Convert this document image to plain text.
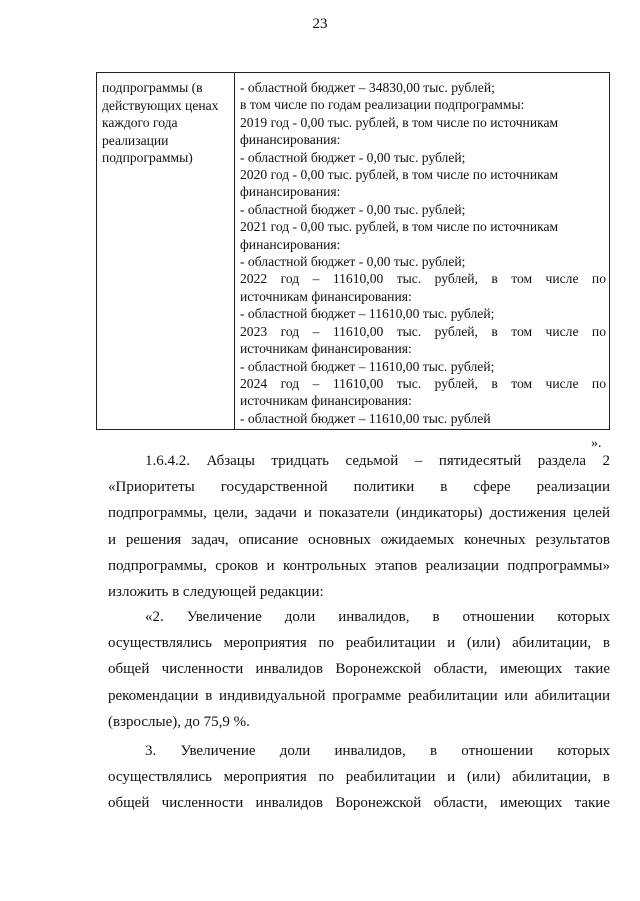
23
подпрограммы (в
действующих ценах
каждого года
реализации
подпрограммы)
- областной бюджет – 34830,00 тыс. рублей;
в том числе по годам реализации подпрограммы:
2019 год - 0,00 тыс. рублей, в том числе по источникам
финансирования:
- областной бюджет - 0,00 тыс. рублей;
2020 год - 0,00 тыс. рублей, в том числе по источникам
финансирования:
- областной бюджет - 0,00 тыс. рублей;
2021 год - 0,00 тыс. рублей, в том числе по источникам
финансирования:
- областной бюджет - 0,00 тыс. рублей;
2022 год – 11610,00 тыс. рублей, в том числе по
источникам финансирования:
- областной бюджет – 11610,00 тыс. рублей;
2023 год – 11610,00 тыс. рублей, в том числе по
источникам финансирования:
- областной бюджет – 11610,00 тыс. рублей;
2024 год – 11610,00 тыс. рублей, в том числе по
источникам финансирования:
- областной бюджет – 11610,00 тыс. рублей
».
1.6.4.2. Абзацы тридцать седьмой – пятидесятый раздела 2
«Приоритеты государственной политики в сфере реализации
подпрограммы, цели, задачи и показатели (индикаторы) достижения целей
и решения задач, описание основных ожидаемых конечных результатов
подпрограммы, сроков и контрольных этапов реализации подпрограммы»
изложить в следующей редакции:
«2. Увеличение доли инвалидов, в отношении которых
осуществлялись мероприятия по реабилитации и (или) абилитации, в
общей численности инвалидов Воронежской области, имеющих такие
рекомендации в индивидуальной программе реабилитации или абилитации
(взрослые), до 75,9 %.
3. Увеличение доли инвалидов, в отношении которых
осуществлялись мероприятия по реабилитации и (или) абилитации, в
общей численности инвалидов Воронежской области, имеющих такие
